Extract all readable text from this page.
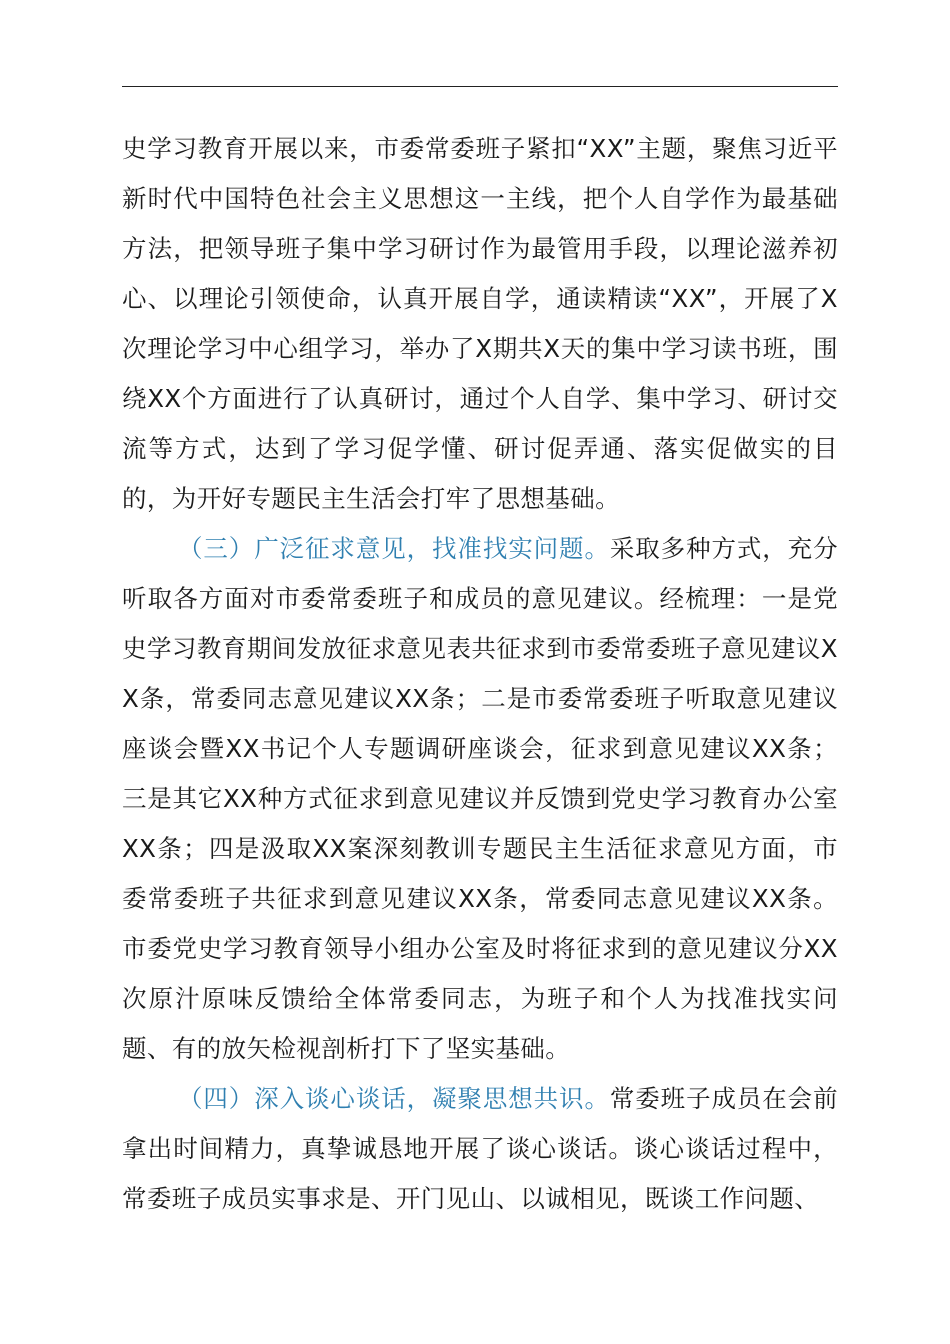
史学习教育开展以来，市委常委班子紧扣“XX”主题，聚焦习近平新时代中国特色社会主义思想这一主线，把个人自学作为最基础方法，把领导班子集中学习研讨作为最管用手段，以理论滋养初心、以理论引领使命，认真开展自学，通读精读“XX”，开展了X次理论学习中心组学习，举办了X期共X天的集中学习读书班，围绕XX个方面进行了认真研讨，通过个人自学、集中学习、研讨交流等方式，达到了学习促学懂、研讨促弄通、落实促做实的目的，为开好专题民主生活会打牢了思想基础。

（三）广泛征求意见，找准找实问题。采取多种方式，充分听取各方面对市委常委班子和成员的意见建议。经梳理：一是党史学习教育期间发放征求意见表共征求到市委常委班子意见建议XX条，常委同志意见建议XX条；二是市委常委班子听取意见建议座谈会暨XX书记个人专题调研座谈会，征求到意见建议XX条；三是其它XX种方式征求到意见建议并反馈到党史学习教育办公室XX条；四是汲取XX案深刻教训专题民主生活征求意见方面，市委常委班子共征求到意见建议XX条，常委同志意见建议XX条。市委党史学习教育领导小组办公室及时将征求到的意见建议分XX次原汁原味反馈给全体常委同志，为班子和个人为找准找实问题、有的放矢检视剖析打下了坚实基础。

（四）深入谈心谈话，凝聚思想共识。常委班子成员在会前拿出时间精力，真挚诚恳地开展了谈心谈话。谈心谈话过程中，常委班子成员实事求是、开门见山、以诚相见，既谈工作问题、
